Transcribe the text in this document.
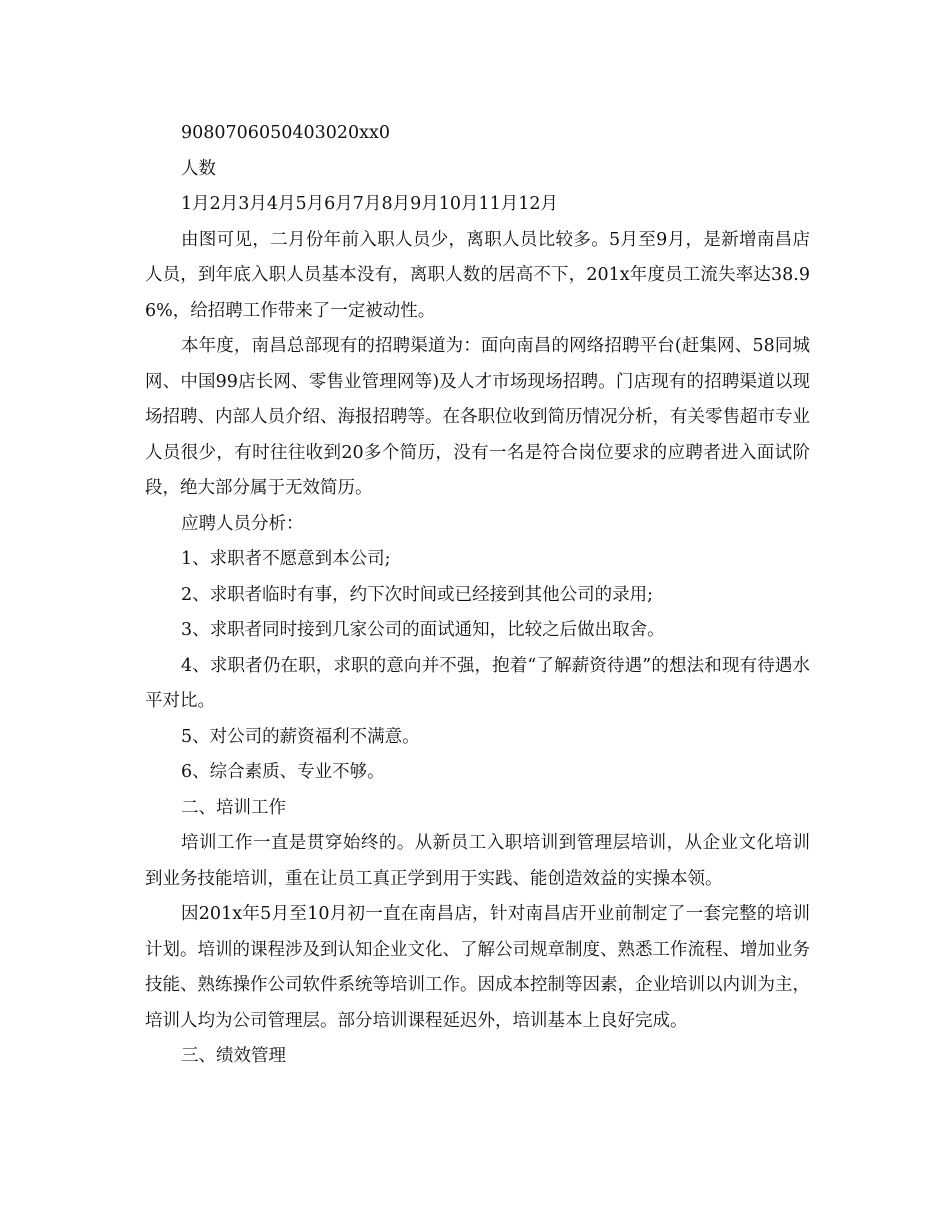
9080706050403020xx0

人数

1月2月3月4月5月6月7月8月9月10月11月12月

由图可见，二月份年前入职人员少，离职人员比较多。5月至9月，是新增南昌店人员，到年底入职人员基本没有，离职人数的居高不下，201x年度员工流失率达38.96%，给招聘工作带来了一定被动性。

本年度，南昌总部现有的招聘渠道为：面向南昌的网络招聘平台(赶集网、58同城网、中国99店长网、零售业管理网等)及人才市场现场招聘。门店现有的招聘渠道以现场招聘、内部人员介绍、海报招聘等。在各职位收到简历情况分析，有关零售超市专业人员很少，有时往往收到20多个简历，没有一名是符合岗位要求的应聘者进入面试阶段，绝大部分属于无效简历。

应聘人员分析：

1、求职者不愿意到本公司;

2、求职者临时有事，约下次时间或已经接到其他公司的录用;

3、求职者同时接到几家公司的面试通知，比较之后做出取舍。

4、求职者仍在职，求职的意向并不强，抱着“了解薪资待遇”的想法和现有待遇水平对比。

5、对公司的薪资福利不满意。

6、综合素质、专业不够。

二、培训工作

培训工作一直是贯穿始终的。从新员工入职培训到管理层培训，从企业文化培训到业务技能培训，重在让员工真正学到用于实践、能创造效益的实操本领。

因201x年5月至10月初一直在南昌店，针对南昌店开业前制定了一套完整的培训计划。培训的课程涉及到认知企业文化、了解公司规章制度、熟悉工作流程、增加业务技能、熟练操作公司软件系统等培训工作。因成本控制等因素，企业培训以内训为主，培训人均为公司管理层。部分培训课程延迟外，培训基本上良好完成。

三、绩效管理
